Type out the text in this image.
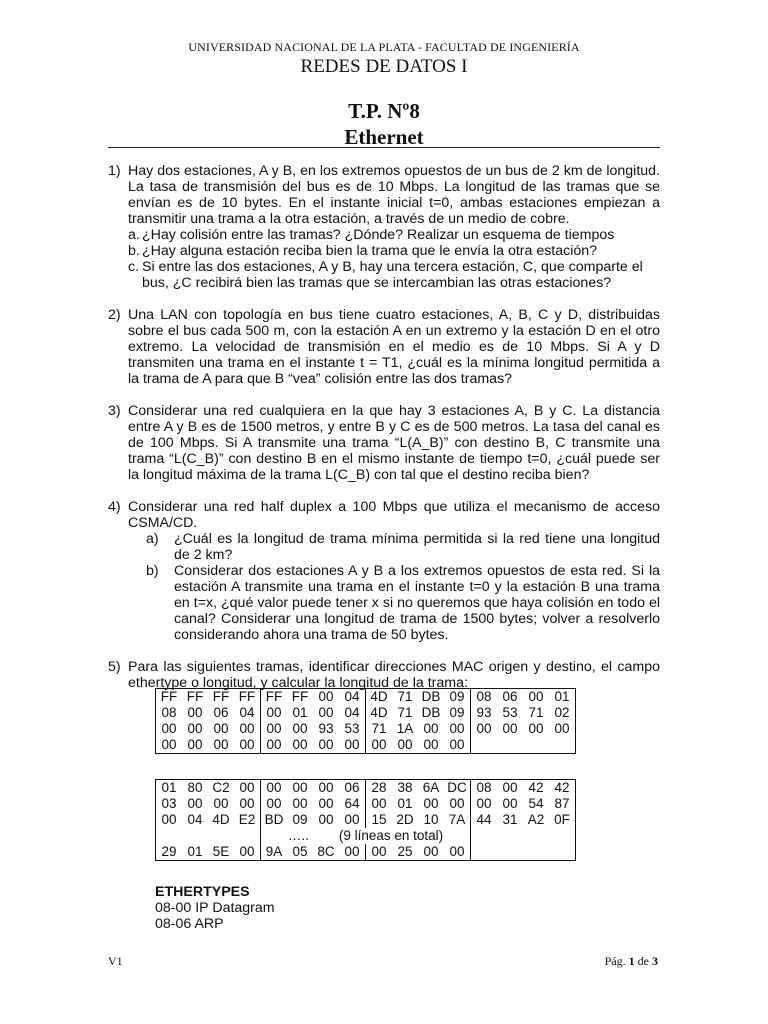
UNIVERSIDAD NACIONAL DE LA PLATA - FACULTAD DE INGENIERÍA
REDES DE DATOS I
T.P. Nº8
Ethernet
1) Hay dos estaciones, A y B, en los extremos opuestos de un bus de 2 km de longitud. La tasa de transmisión del bus es de 10 Mbps. La longitud de las tramas que se envían es de 10 bytes. En el instante inicial t=0, ambas estaciones empiezan a transmitir una trama a la otra estación, a través de un medio de cobre.
a. ¿Hay colisión entre las tramas? ¿Dónde? Realizar un esquema de tiempos
b. ¿Hay alguna estación reciba bien la trama que le envía la otra estación?
c. Si entre las dos estaciones, A y B, hay una tercera estación, C, que comparte el bus, ¿C recibirá bien las tramas que se intercambian las otras estaciones?
2) Una LAN con topología en bus tiene cuatro estaciones, A, B, C y D, distribuidas sobre el bus cada 500 m, con la estación A en un extremo y la estación D en el otro extremo. La velocidad de transmisión en el medio es de 10 Mbps. Si A y D transmiten una trama en el instante t = T1, ¿cuál es la mínima longitud permitida a la trama de A para que B “vea” colisión entre las dos tramas?
3) Considerar una red cualquiera en la que hay 3 estaciones A, B y C. La distancia entre A y B es de 1500 metros, y entre B y C es de 500 metros. La tasa del canal es de 100 Mbps. Si A transmite una trama “L(A_B)” con destino B, C transmite una trama “L(C_B)” con destino B en el mismo instante de tiempo t=0, ¿cuál puede ser la longitud máxima de la trama L(C_B) con tal que el destino reciba bien?
4) Considerar una red half duplex a 100 Mbps que utiliza el mecanismo de acceso CSMA/CD.
a) ¿Cuál es la longitud de trama mínima permitida si la red tiene una longitud de 2 km?
b) Considerar dos estaciones A y B a los extremos opuestos de esta red. Si la estación A transmite una trama en el instante t=0 y la estación B una trama en t=x, ¿qué valor puede tener x si no queremos que haya colisión en todo el canal? Considerar una longitud de trama de 1500 bytes; volver a resolverlo considerando ahora una trama de 50 bytes.
5) Para las siguientes tramas, identificar direcciones MAC origen y destino, el campo ethertype o longitud, y calcular la longitud de la trama:
FF	FF	FF	FF	FF	FF	00	04	4D	71	DB	09	08	06	00	01
08	00	06	04	00	01	00	04	4D	71	DB	09	93	53	71	02
00	00	00	00	00	00	93	53	71	1A	00	00	00	00	00	00
00	00	00	00	00	00	00	00	00	00	00	00				
01	80	C2	00	00	00	00	06	28	38	6A	DC	08	00	42	42
03	00	00	00	00	00	00	64	00	01	00	00	00	00	54	87
00	04	4D	E2	BD	09	00	00	15	2D	10	7A	44	31	A2	0F
				….. (9 líneas en total)											
29	01	5E	00	9A	05	8C	00	00	25	00	00				
ETHERTYPES
08-00 IP Datagram
08-06 ARP
V1	Pág. 1 de 3
